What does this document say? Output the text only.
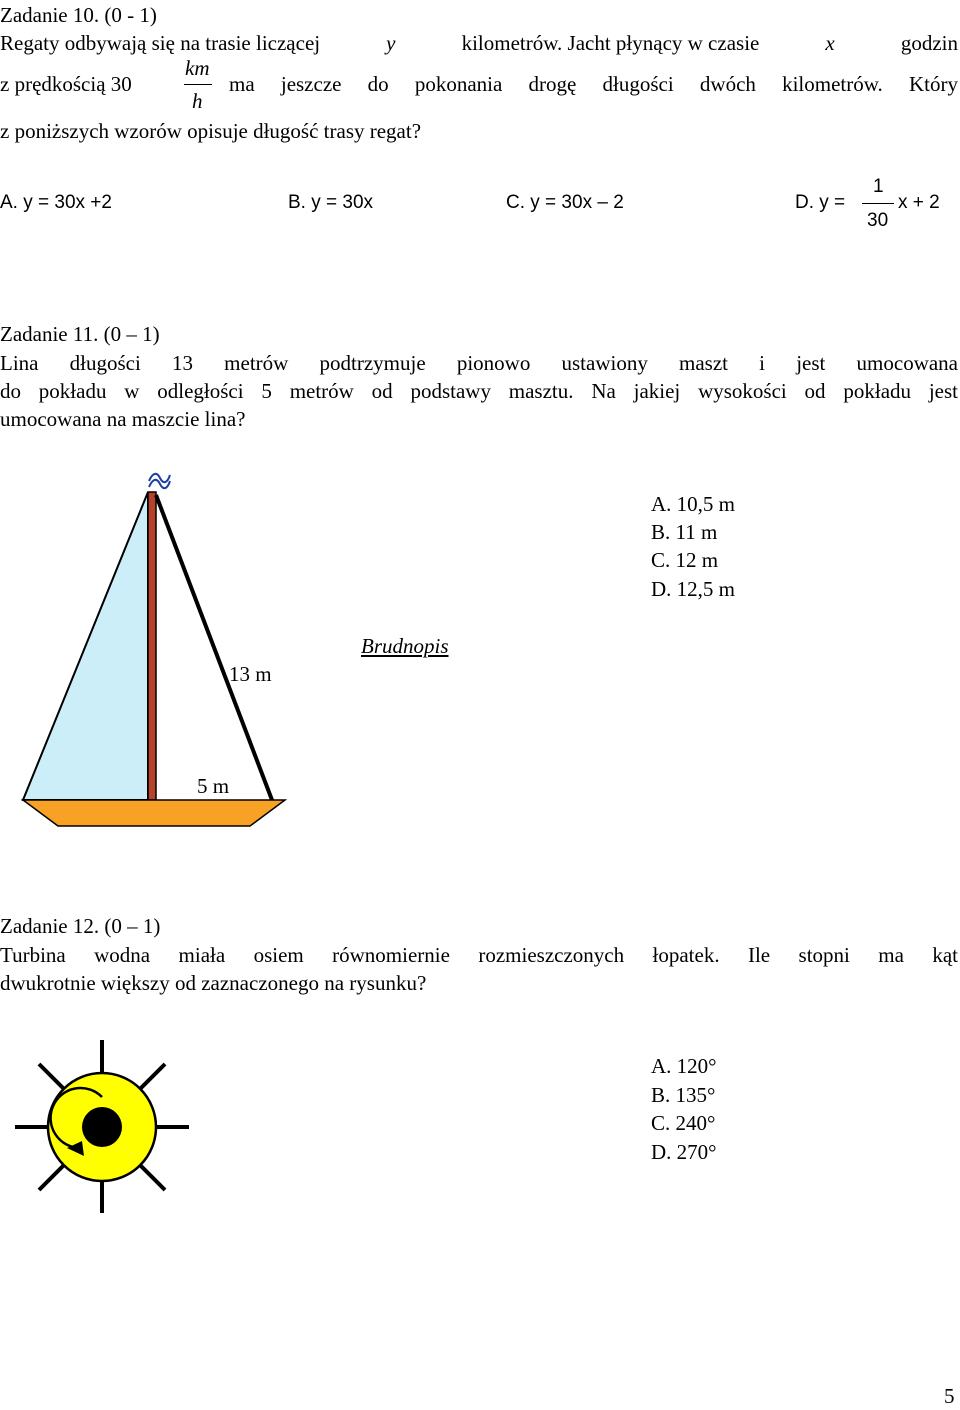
Zadanie 10. (0 - 1)
Regaty odbywają się na trasie liczącej	y	kilometrów. Jacht płynący w czasie	x	godzin
z prędkością 30
km
h
ma jeszcze do pokonania drogę długości dwóch kilometrów. Który
z poniższych wzorów opisuje długość trasy regat?
A. y = 30x +2	B. y = 30x	C. y = 30x – 2	D. y =
1
30
x + 2
Zadanie 11. (0 – 1)
Lina długości 13 metrów podtrzymuje pionowo ustawiony maszt i jest umocowana
do pokładu w odległości 5 metrów od podstawy masztu. Na jakiej wysokości od pokładu jest
umocowana na maszcie lina?
13 m
5 m
Brudnopis
A. 10,5 m
B. 11 m
C. 12 m
D. 12,5 m
Zadanie 12. (0 – 1)
Turbina wodna miała osiem równomiernie rozmieszczonych łopatek. Ile stopni ma kąt
dwukrotnie większy od zaznaczonego na rysunku?
A. 120°
B. 135°
C. 240°
D. 270°
5
